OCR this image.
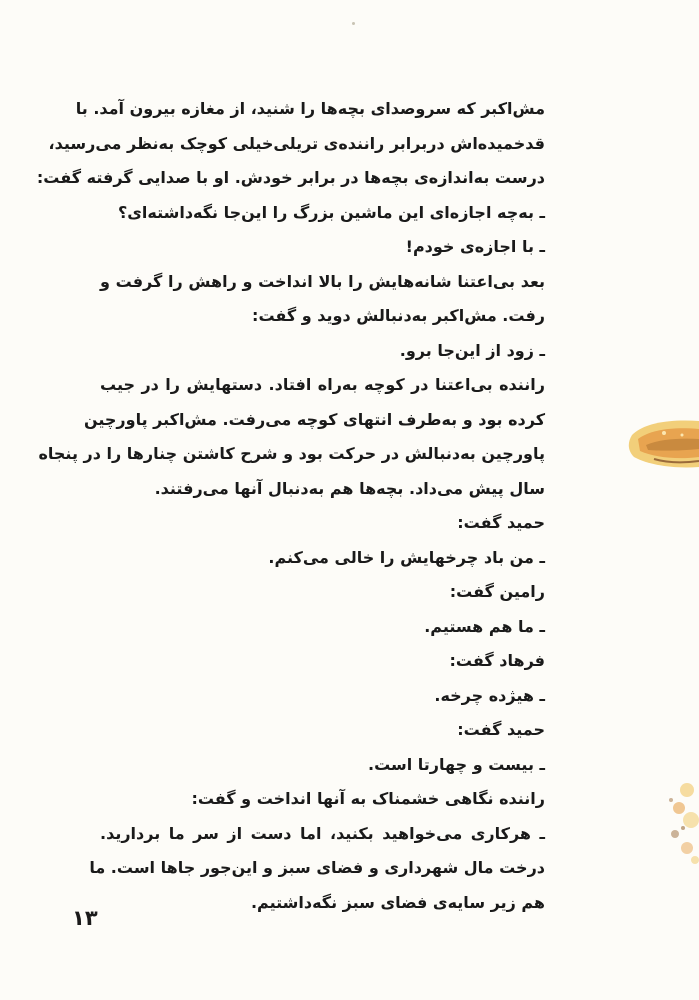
مش‌اکبر که سروصدای بچه‌ها را شنید، از مغازه بیرون آمد. با
قدخمیده‌اش دربرابر راننده‌ی تریلی‌خیلی کوچک به‌نظر می‌رسید،
درست به‌اندازه‌ی بچه‌ها در برابر خودش. او با صدایی گرفته گفت:
ـ به‌چه اجازه‌ای این ماشین بزرگ را این‌جا نگه‌داشته‌ای؟
ـ با اجازه‌ی خودم!
بعد بی‌اعتنا شانه‌هایش را بالا انداخت و راهش را گرفت و
رفت. مش‌اکبر به‌دنبالش دوید و گفت:
ـ زود از این‌جا برو.
راننده بی‌اعتنا در کوچه به‌راه افتاد. دستهایش را در جیب
کرده بود و به‌طرف انتهای کوچه می‌رفت. مش‌اکبر پاورچین
پاورچین به‌دنبالش در حرکت بود و شرح کاشتن چنارها را در پنجاه
سال پیش می‌داد. بچه‌ها هم به‌دنبال آنها می‌رفتند.
حمید گفت:
ـ من باد چرخهایش را خالی می‌کنم.
رامین گفت:
ـ ما هم هستیم.
فرهاد گفت:
ـ هیژده چرخه.
حمید گفت:
ـ بیست و چهارتا است.
راننده نگاهی خشمناک به آنها انداخت و گفت:
ـ هرکاری می‌خواهید بکنید، اما دست از سر ما بردارید.
درخت مال شهرداری و فضای سبز و این‌جور جاها است. ما
هم زیر سایه‌ی فضای سبز نگه‌داشتیم.
۱۳
